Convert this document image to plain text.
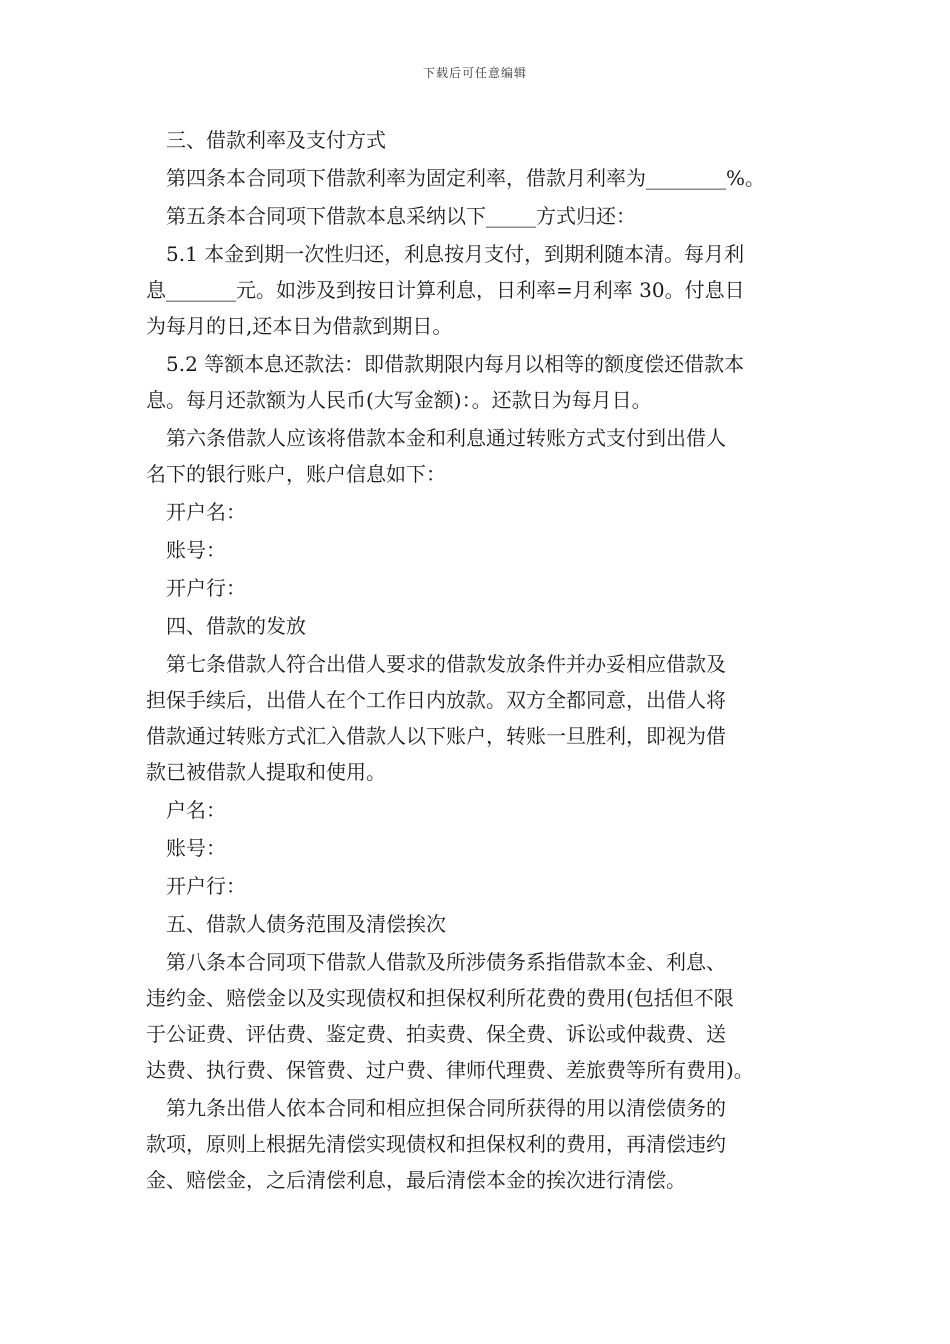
下载后可任意编辑
三、借款利率及支付方式
第四条本合同项下借款利率为固定利率，借款月利率为________%。
第五条本合同项下借款本息采纳以下_____方式归还：
5.1 本金到期一次性归还，利息按月支付，到期利随本清。每月利
息_______元。如涉及到按日计算利息，日利率=月利率 30。付息日
为每月的日,还本日为借款到期日。
5.2 等额本息还款法：即借款期限内每月以相等的额度偿还借款本
息。每月还款额为人民币(大写金额)：。还款日为每月日。
第六条借款人应该将借款本金和利息通过转账方式支付到出借人
名下的银行账户，账户信息如下：
开户名：
账号：
开户行：
四、借款的发放
第七条借款人符合出借人要求的借款发放条件并办妥相应借款及
担保手续后，出借人在个工作日内放款。双方全都同意，出借人将
借款通过转账方式汇入借款人以下账户，转账一旦胜利，即视为借
款已被借款人提取和使用。
户名：
账号：
开户行：
五、借款人债务范围及清偿挨次
第八条本合同项下借款人借款及所涉债务系指借款本金、利息、
违约金、赔偿金以及实现债权和担保权利所花费的费用(包括但不限
于公证费、评估费、鉴定费、拍卖费、保全费、诉讼或仲裁费、送
达费、执行费、保管费、过户费、律师代理费、差旅费等所有费用)。
第九条出借人依本合同和相应担保合同所获得的用以清偿债务的
款项，原则上根据先清偿实现债权和担保权利的费用，再清偿违约
金、赔偿金，之后清偿利息，最后清偿本金的挨次进行清偿。
